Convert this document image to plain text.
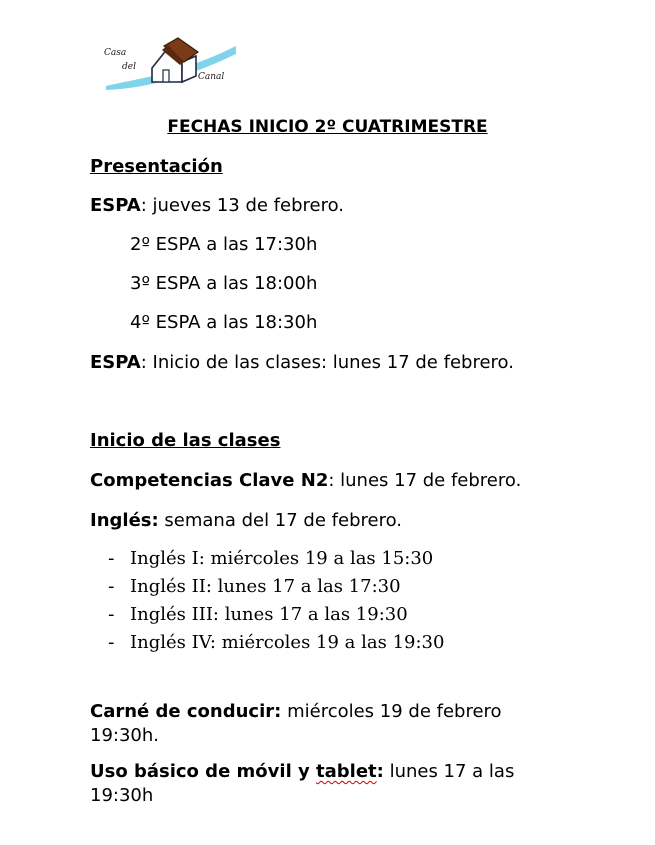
Casa
del
Canal
FECHAS INICIO 2º CUATRIMESTRE
Presentación
ESPA: jueves 13 de febrero.
2º ESPA a las 17:30h
3º ESPA a las 18:00h
4º ESPA a las 18:30h
ESPA: Inicio de las clases: lunes 17 de febrero.
Inicio de las clases
Competencias Clave N2: lunes 17 de febrero.
Inglés: semana del 17 de febrero.
- Inglés I: miércoles 19 a las 15:30
- Inglés II: lunes 17 a las 17:30
- Inglés III: lunes 17 a las 19:30
- Inglés IV: miércoles 19 a las 19:30
Carné de conducir: miércoles 19 de febrero 19:30h.
Uso básico de móvil y tablet: lunes 17 a las 19:30h
